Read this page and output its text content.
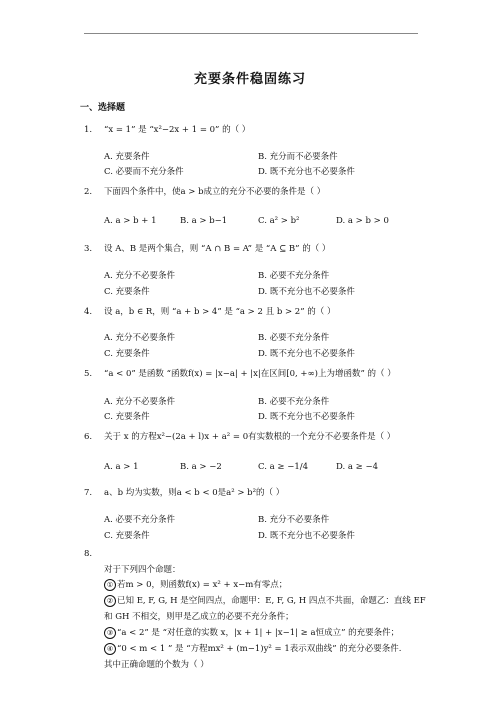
充要条件稳固练习
一、选择题
1. “x = 1” 是 “x²−2x + 1 = 0” 的（ ）
A. 充要条件	B. 充分而不必要条件
C. 必要而不充分条件	D. 既不充分也不必要条件
2. 下面四个条件中，使a > b成立的充分不必要的条件是（ ）
A. a > b + 1	B. a > b−1	C. a² > b²	D. a > b > 0
3. 设 A、B 是两个集合，则 “A ∩ B = A” 是 “A ⊆ B” 的（ ）
A. 充分不必要条件	B. 必要不充分条件
C. 充要条件	D. 既不充分也不必要条件
4. 设 a，b ∈ R，则 “a + b > 4” 是 “a > 2 且 b > 2” 的（ ）
A. 充分不必要条件	B. 必要不充分条件
C. 充要条件	D. 既不充分也不必要条件
5. “a < 0” 是函数 “函数f(x) = |x−a| + |x|在区间[0, +∞)上为增函数” 的（ ）
A. 充分不必要条件	B. 必要不充分条件
C. 充要条件	D. 既不充分也不必要条件
6. 关于 x 的方程x²−(2a + l)x + a² = 0有实数根的一个充分不必要条件是（ ）
A. a > 1	B. a > −2	C. a ≥ −1/4	D. a ≥ −4
7. a、b 均为实数，则a < b < 0是a² > b²的（ ）
A. 必要不充分条件	B. 充分不必要条件
C. 充要条件	D. 既不充分也不必要条件
8.
对于下列四个命题：
① 若m > 0，则函数f(x) = x² + x−m有零点；
② 已知 E, F, G, H 是空间四点，命题甲：E, F, G, H 四点不共面，命题乙：直线 EF
和 GH 不相交，则甲是乙成立的必要不充分条件；
③ “a < 2” 是 “对任意的实数 x，|x + 1| + |x−1| ≥ a恒成立” 的充要条件；
④ “0 < m < 1 ” 是 “方程mx² + (m−1)y² = 1表示双曲线” 的充分必要条件.
其中正确命题的个数为（ ）
